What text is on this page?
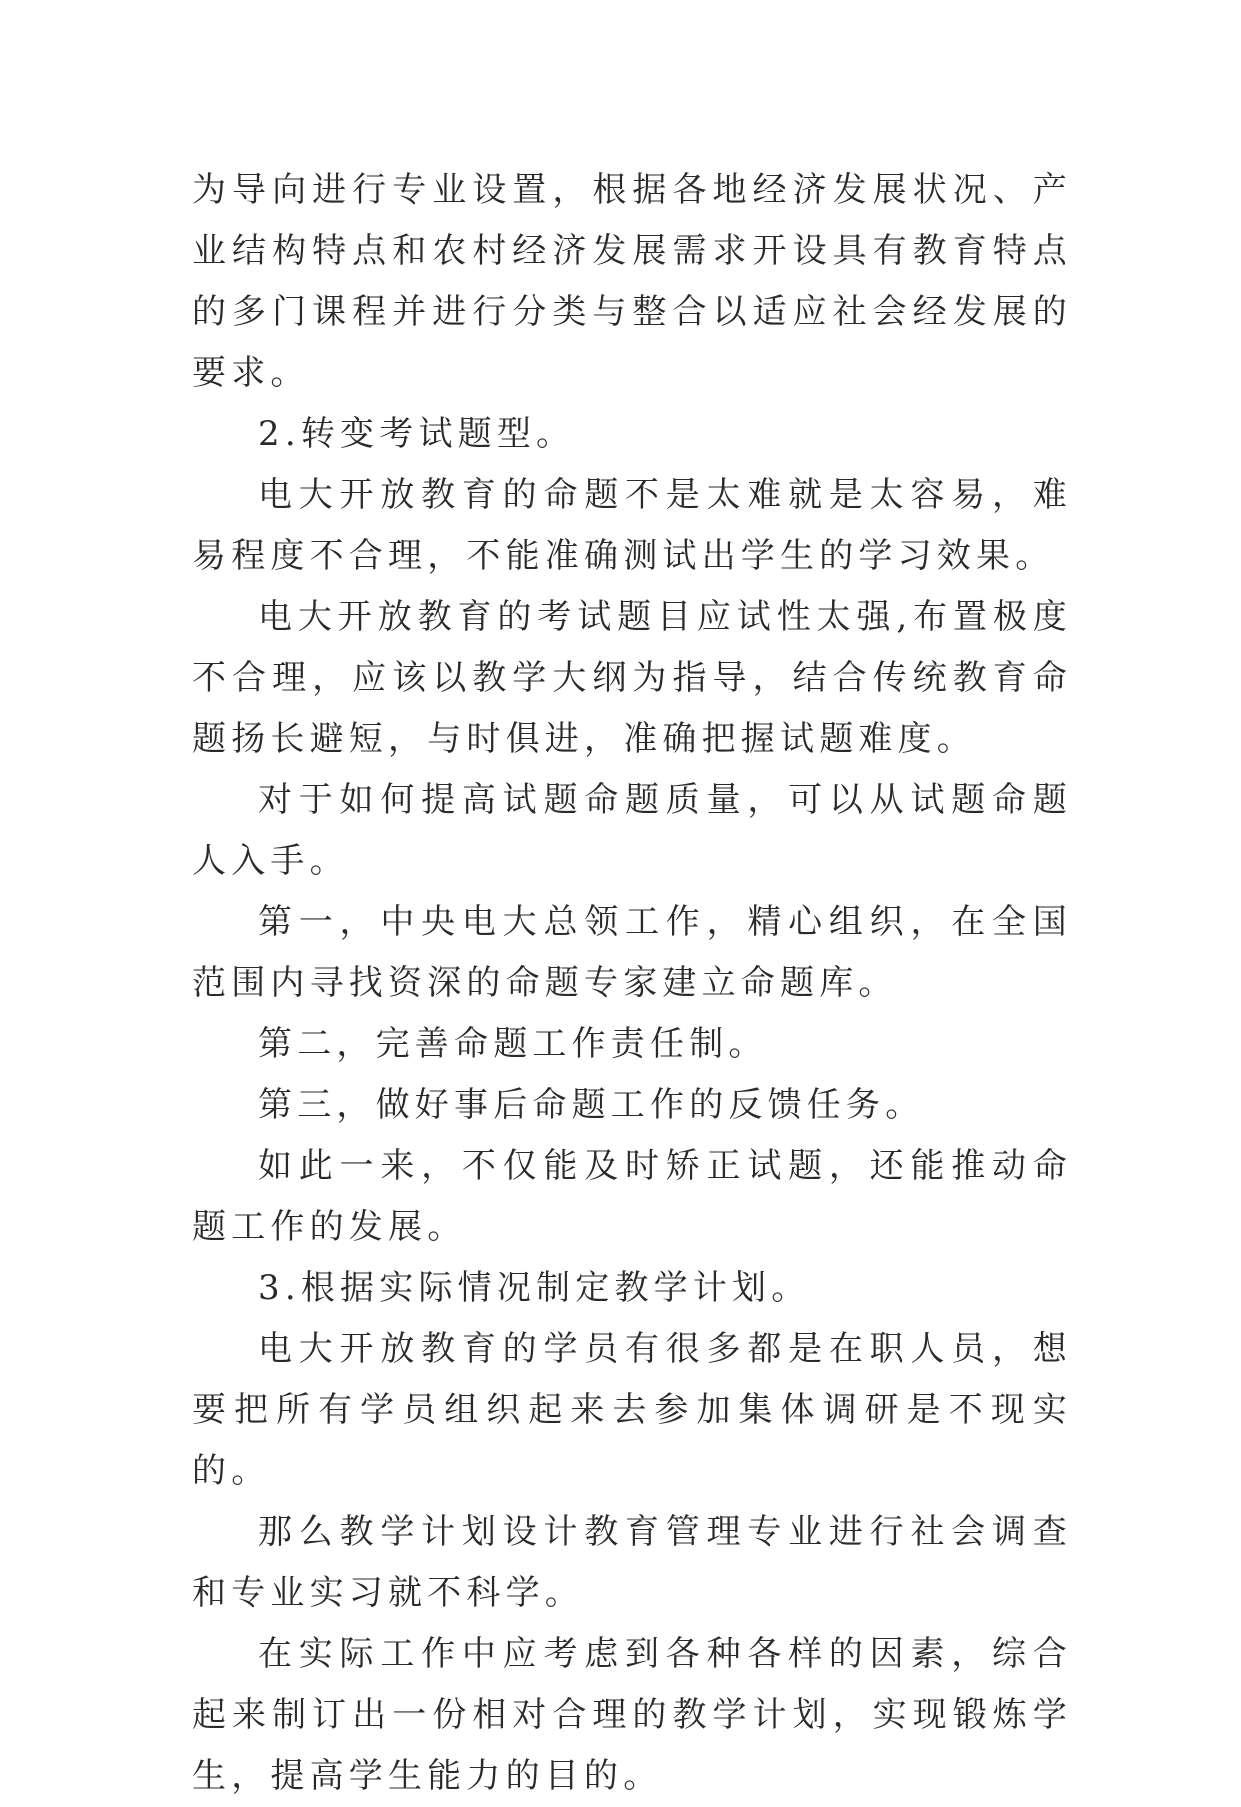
为导向进行专业设置，根据各地经济发展状况、产业结构特点和农村经济发展需求开设具有教育特点的多门课程并进行分类与整合以适应社会经发展的要求。

2.转变考试题型。

电大开放教育的命题不是太难就是太容易，难易程度不合理，不能准确测试出学生的学习效果。

电大开放教育的考试题目应试性太强,布置极度不合理，应该以教学大纲为指导，结合传统教育命题扬长避短，与时俱进，准确把握试题难度。

对于如何提高试题命题质量，可以从试题命题人入手。

第一，中央电大总领工作，精心组织，在全国范围内寻找资深的命题专家建立命题库。

第二，完善命题工作责任制。

第三，做好事后命题工作的反馈任务。

如此一来，不仅能及时矫正试题，还能推动命题工作的发展。

3.根据实际情况制定教学计划。

电大开放教育的学员有很多都是在职人员，想要把所有学员组织起来去参加集体调研是不现实的。

那么教学计划设计教育管理专业进行社会调查和专业实习就不科学。

在实际工作中应考虑到各种各样的因素，综合起来制订出一份相对合理的教学计划，实现锻炼学生，提高学生能力的目的。
